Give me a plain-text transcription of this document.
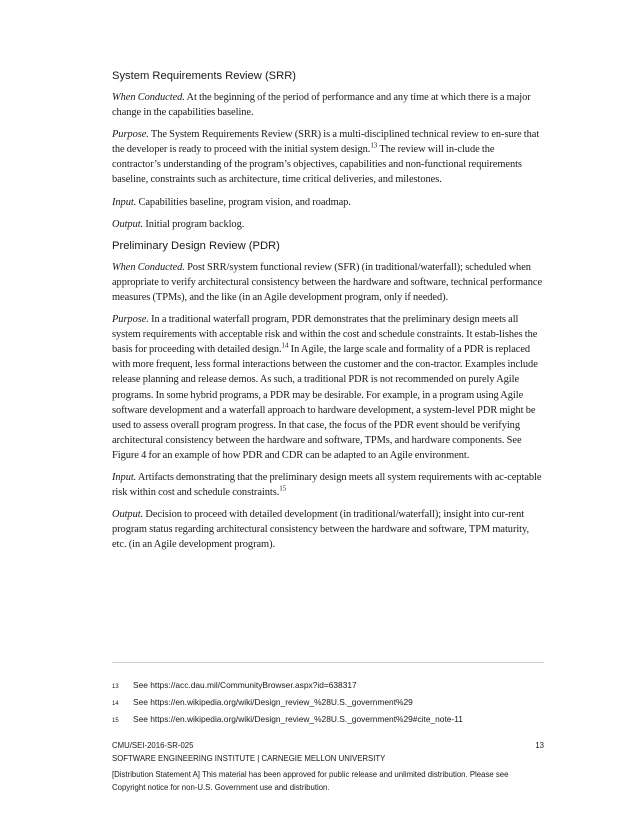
System Requirements Review (SRR)

When Conducted. At the beginning of the period of performance and any time at which there is a major change in the capabilities baseline.

Purpose. The System Requirements Review (SRR) is a multi-disciplined technical review to en-sure that the developer is ready to proceed with the initial system design.$^{13}$ The review will in-clude the contractor’s understanding of the program’s objectives, capabilities and non-functional requirements baseline, constraints such as architecture, time critical deliveries, and milestones.

Input. Capabilities baseline, program vision, and roadmap.

Output. Initial program backlog.

Preliminary Design Review (PDR)

When Conducted. Post SRR/system functional review (SFR) (in traditional/waterfall); scheduled when appropriate to verify architectural consistency between the hardware and software, technical performance measures (TPMs), and the like (in an Agile development program, only if needed).

Purpose. In a traditional waterfall program, PDR demonstrates that the preliminary design meets all system requirements with acceptable risk and within the cost and schedule constraints. It estab-lishes the basis for proceeding with detailed design.$^{14}$ In Agile, the large scale and formality of a PDR is replaced with more frequent, less formal interactions between the customer and the con-tractor. Examples include release planning and release demos. As such, a traditional PDR is not recommended on purely Agile programs. In some hybrid programs, a PDR may be desirable. For example, in a program using Agile software development and a waterfall approach to hardware development, a system-level PDR might be used to assess overall program progress. In that case, the focus of the PDR event should be verifying architectural consistency between the hardware and software, TPMs, and hardware components. See Figure 4 for an example of how PDR and CDR can be adapted to an Agile environment.

Input. Artifacts demonstrating that the preliminary design meets all system requirements with ac-ceptable risk within cost and schedule constraints.$^{15}$

Output. Decision to proceed with detailed development (in traditional/waterfall); insight into cur-rent program status regarding architectural consistency between the hardware and software, TPM maturity, etc. (in an Agile development program).

13	See https://acc.dau.mil/CommunityBrowser.aspx?id=638317
14	See https://en.wikipedia.org/wiki/Design_review_%28U.S._government%29
15	See https://en.wikipedia.org/wiki/Design_review_%28U.S._government%29#cite_note-11
CMU/SEI-2016-SR-025	13
SOFTWARE ENGINEERING INSTITUTE | CARNEGIE MELLON UNIVERSITY
[Distribution Statement A] This material has been approved for public release and unlimited distribution. Please see
Copyright notice for non-U.S. Government use and distribution.
